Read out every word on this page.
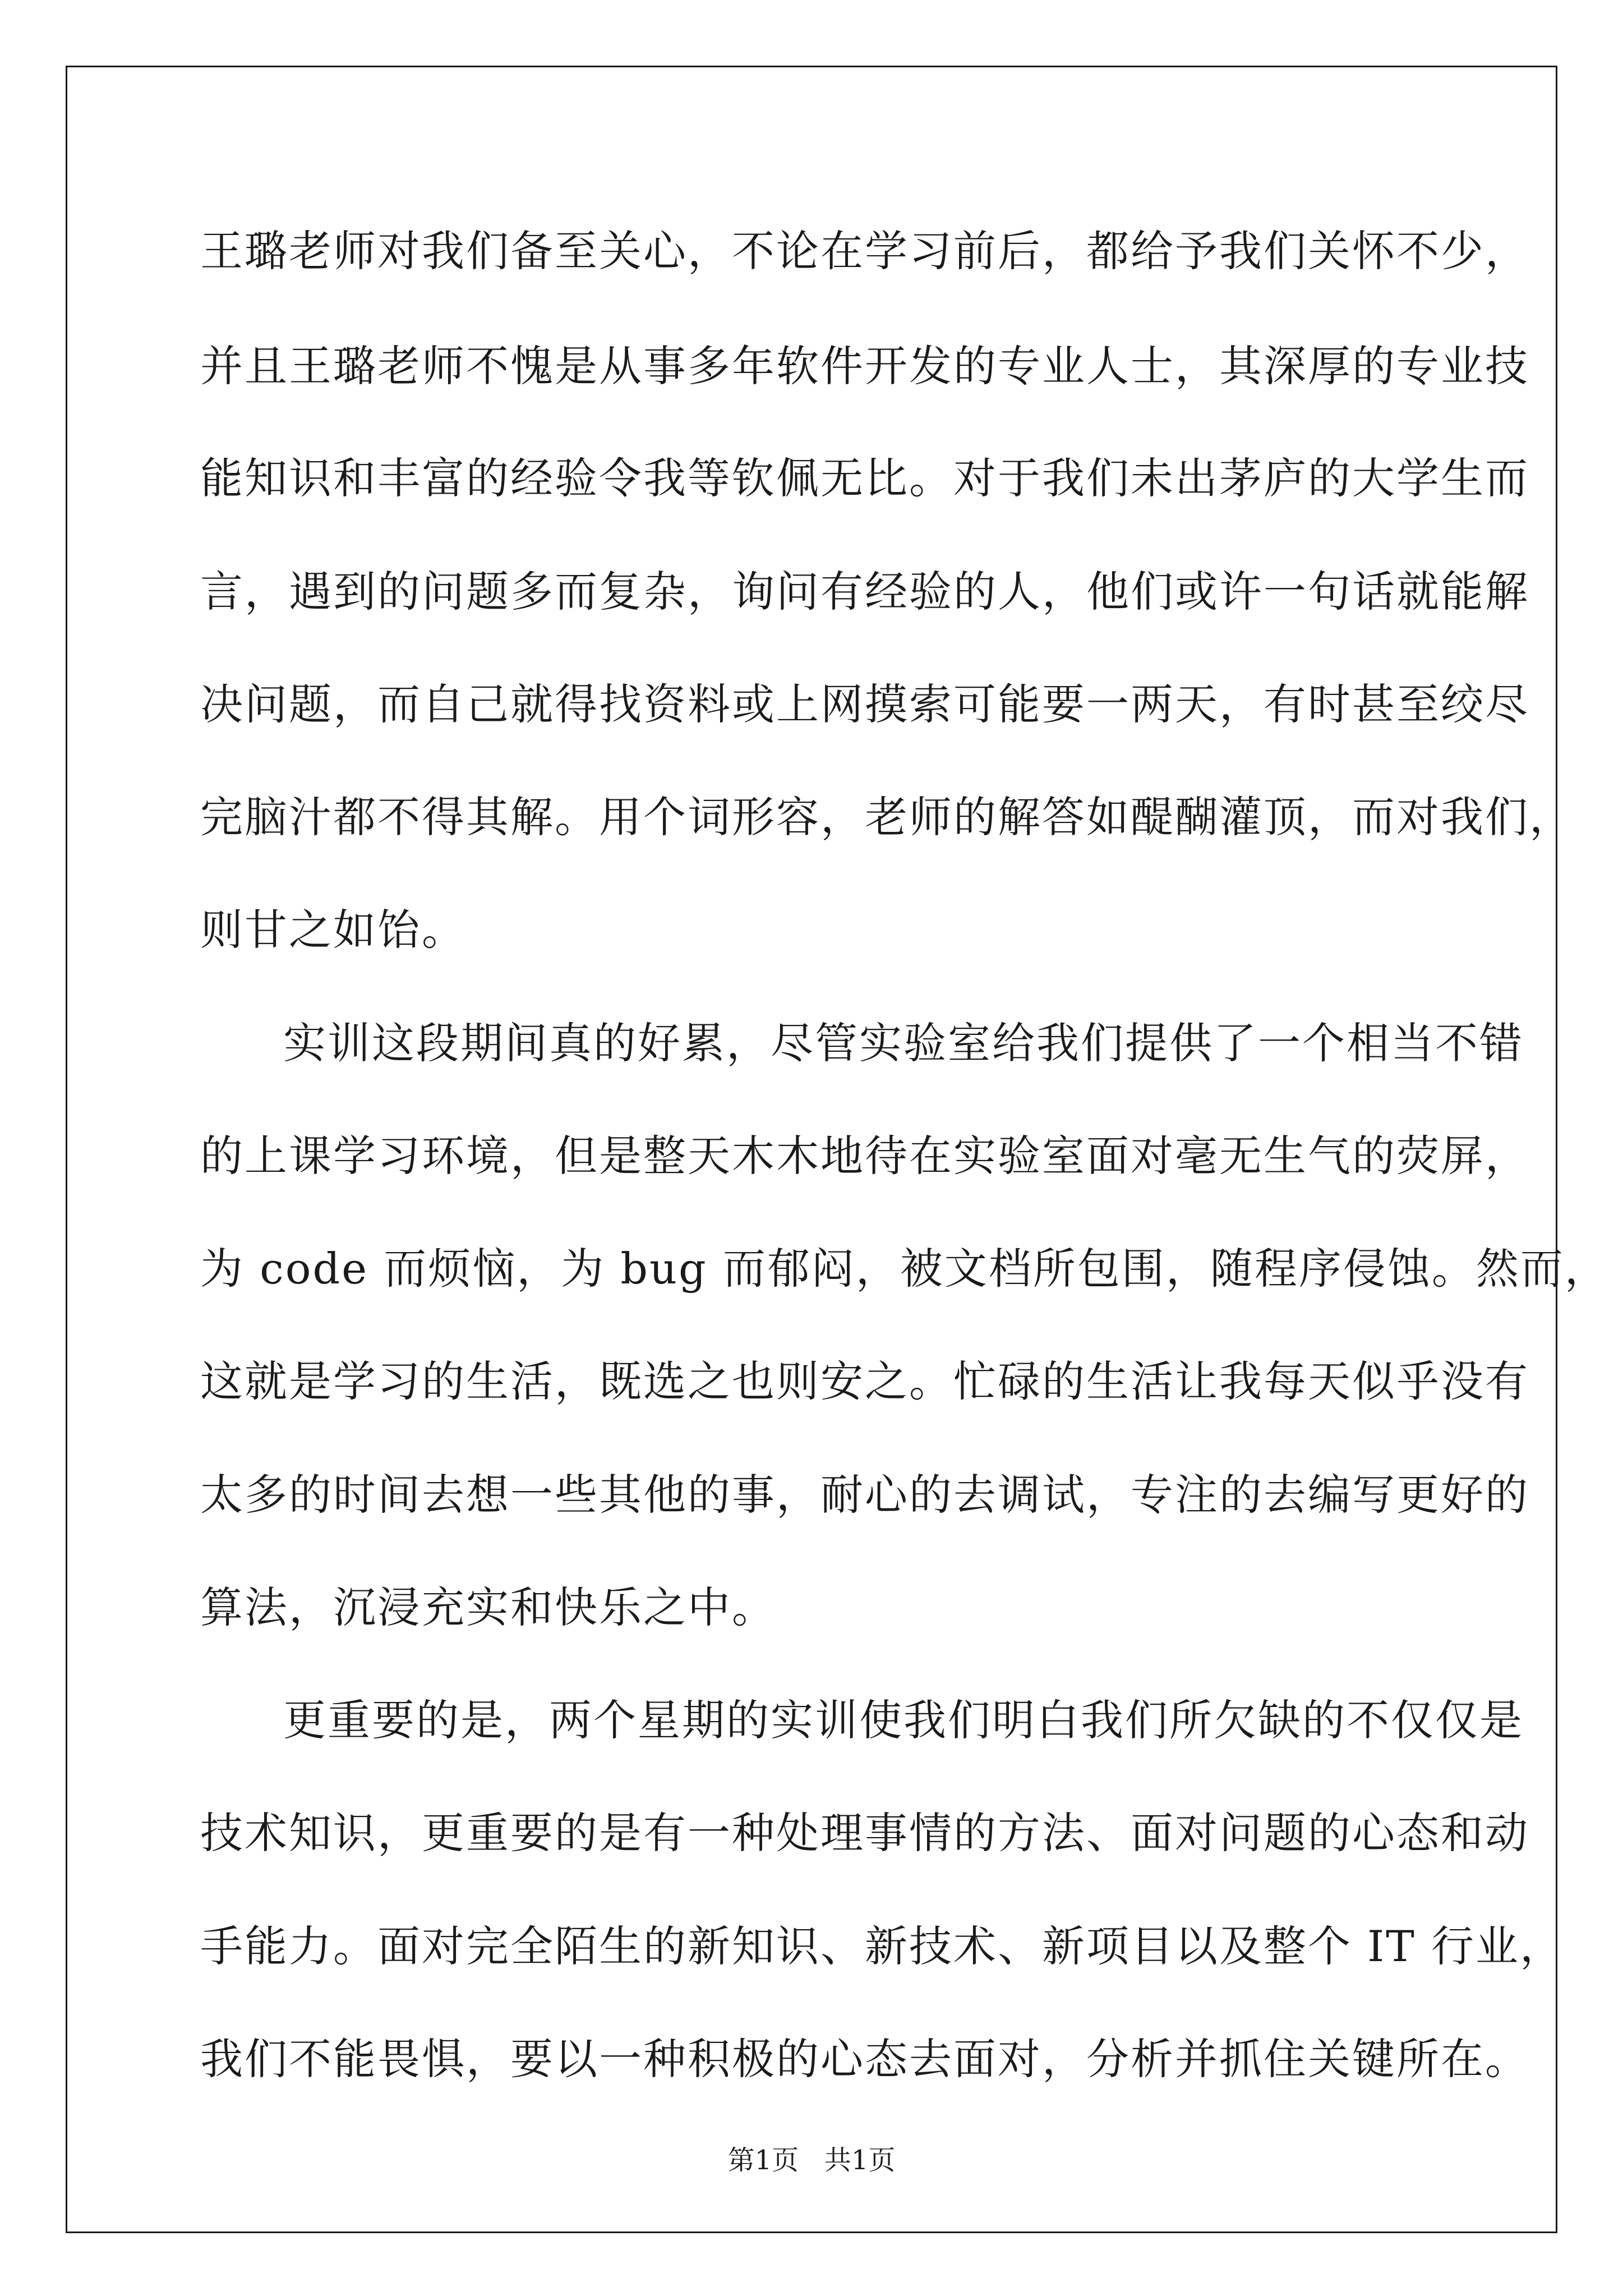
王璐老师对我们备至关心，不论在学习前后，都给予我们关怀不少，
并且王璐老师不愧是从事多年软件开发的专业人士，其深厚的专业技
能知识和丰富的经验令我等钦佩无比。对于我们未出茅庐的大学生而
言，遇到的问题多而复杂，询问有经验的人，他们或许一句话就能解
决问题，而自己就得找资料或上网摸索可能要一两天，有时甚至绞尽
完脑汁都不得其解。用个词形容，老师的解答如醍醐灌顶，而对我们，
则甘之如饴。
实训这段期间真的好累，尽管实验室给我们提供了一个相当不错
的上课学习环境，但是整天木木地待在实验室面对毫无生气的荧屏，
为 code 而烦恼，为 bug 而郁闷，被文档所包围，随程序侵蚀。然而，
这就是学习的生活，既选之也则安之。忙碌的生活让我每天似乎没有
太多的时间去想一些其他的事，耐心的去调试，专注的去编写更好的
算法，沉浸充实和快乐之中。
更重要的是，两个星期的实训使我们明白我们所欠缺的不仅仅是
技术知识，更重要的是有一种处理事情的方法、面对问题的心态和动
手能力。面对完全陌生的新知识、新技术、新项目以及整个 IT 行业，
我们不能畏惧，要以一种积极的心态去面对，分析并抓住关键所在。
第1页   共1页
